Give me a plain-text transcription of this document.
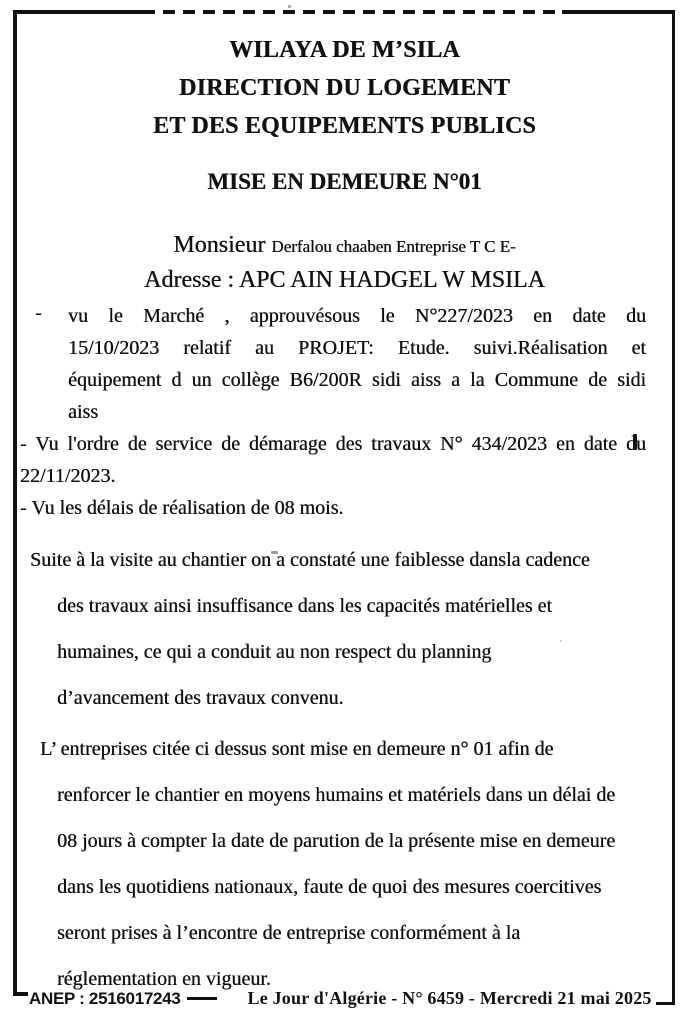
WILAYA DE M’SILA
DIRECTION DU LOGEMENT
ET DES EQUIPEMENTS PUBLICS
MISE EN DEMEURE N°01
Monsieur Derfalou chaaben Entreprise T C E-
Adresse : APC AIN HADGEL W MSILA
-	vu le Marché , approuvésous le N°227/2023 en date du
15/10/2023 relatif au PROJET: Etude. suivi.Réalisation et
équipement d un collège B6/200R sidi aiss a la Commune de sidi
aiss
- Vu l'ordre de service de démarage des travaux N° 434/2023 en date du
22/11/2023.
- Vu les délais de réalisation de 08 mois.
Suite à la visite au chantier on a constaté une faiblesse dansla cadence
des travaux ainsi insuffisance dans les capacités matérielles et
humaines, ce qui a conduit au non respect du planning
d’avancement des travaux convenu.
L’ entreprises citée ci dessus sont mise en demeure n° 01 afin de
renforcer le chantier en moyens humains et matériels dans un délai de
08 jours à compter la date de parution de la présente mise en demeure
dans les quotidiens nationaux, faute de quoi des mesures coercitives
seront prises à l’encontre de entreprise conformément à la
réglementation en vigueur.
ANEP : 2516017243	Le Jour d'Algérie - N° 6459 - Mercredi 21 mai 2025
